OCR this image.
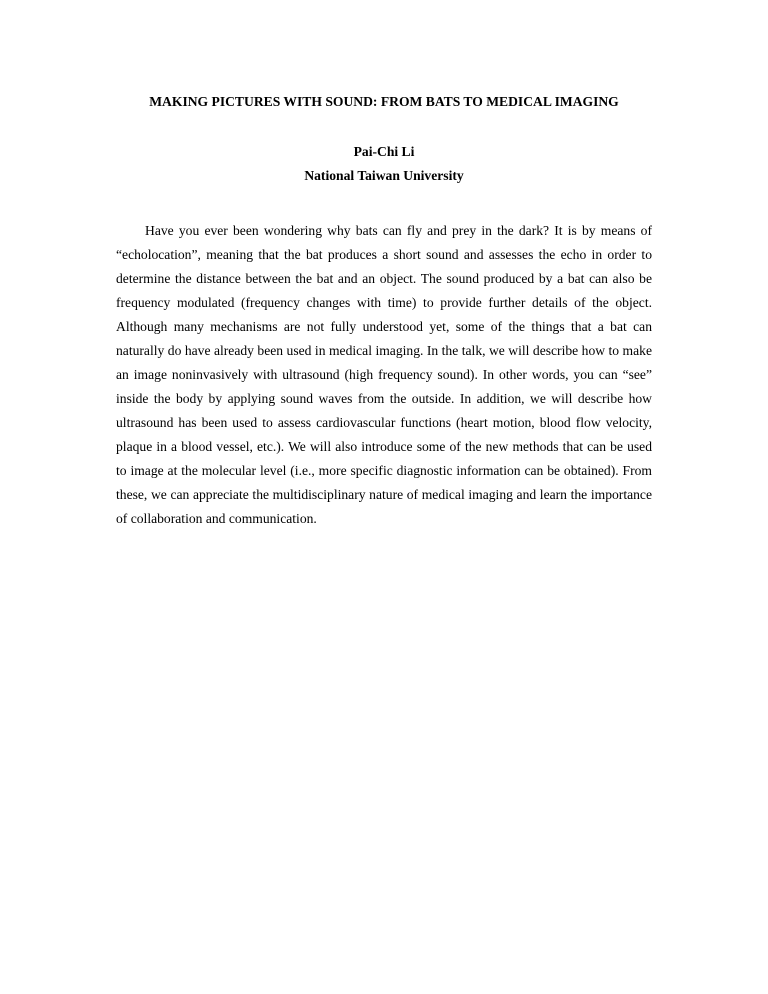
MAKING PICTURES WITH SOUND: FROM BATS TO MEDICAL IMAGING
Pai-Chi Li
National Taiwan University

Have you ever been wondering why bats can fly and prey in the dark? It is by means of “echolocation”, meaning that the bat produces a short sound and assesses the echo in order to determine the distance between the bat and an object. The sound produced by a bat can also be frequency modulated (frequency changes with time) to provide further details of the object. Although many mechanisms are not fully understood yet, some of the things that a bat can naturally do have already been used in medical imaging. In the talk, we will describe how to make an image noninvasively with ultrasound (high frequency sound). In other words, you can “see” inside the body by applying sound waves from the outside. In addition, we will describe how ultrasound has been used to assess cardiovascular functions (heart motion, blood flow velocity, plaque in a blood vessel, etc.). We will also introduce some of the new methods that can be used to image at the molecular level (i.e., more specific diagnostic information can be obtained). From these, we can appreciate the multidisciplinary nature of medical imaging and learn the importance of collaboration and communication.
